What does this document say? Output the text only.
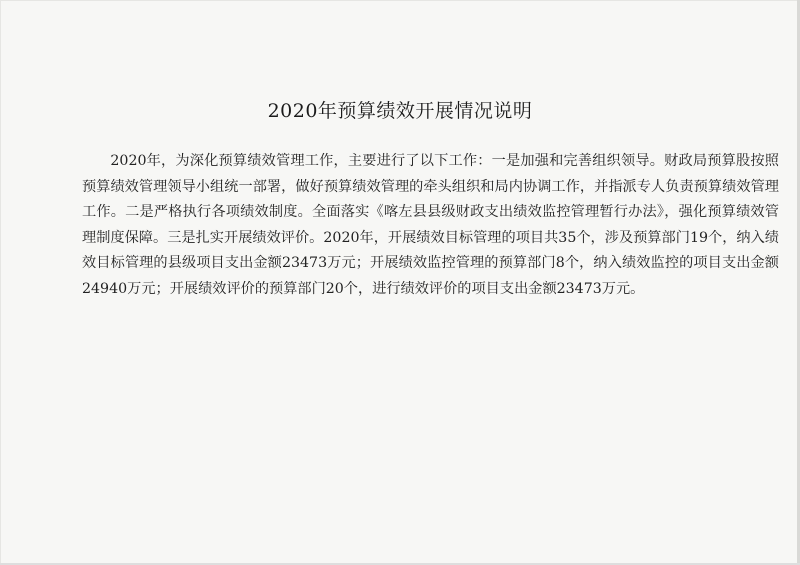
2020年预算绩效开展情况说明

2020年，为深化预算绩效管理工作，主要进行了以下工作：一是加强和完善组织领导。财政局预算股按照预算绩效管理领导小组统一部署，做好预算绩效管理的牵头组织和局内协调工作，并指派专人负责预算绩效管理工作。二是严格执行各项绩效制度。全面落实《喀左县县级财政支出绩效监控管理暂行办法》，强化预算绩效管理制度保障。三是扎实开展绩效评价。2020年，开展绩效目标管理的项目共35个，涉及预算部门19个，纳入绩效目标管理的县级项目支出金额23473万元；开展绩效监控管理的预算部门8个，纳入绩效监控的项目支出金额24940万元；开展绩效评价的预算部门20个，进行绩效评价的项目支出金额23473万元。
